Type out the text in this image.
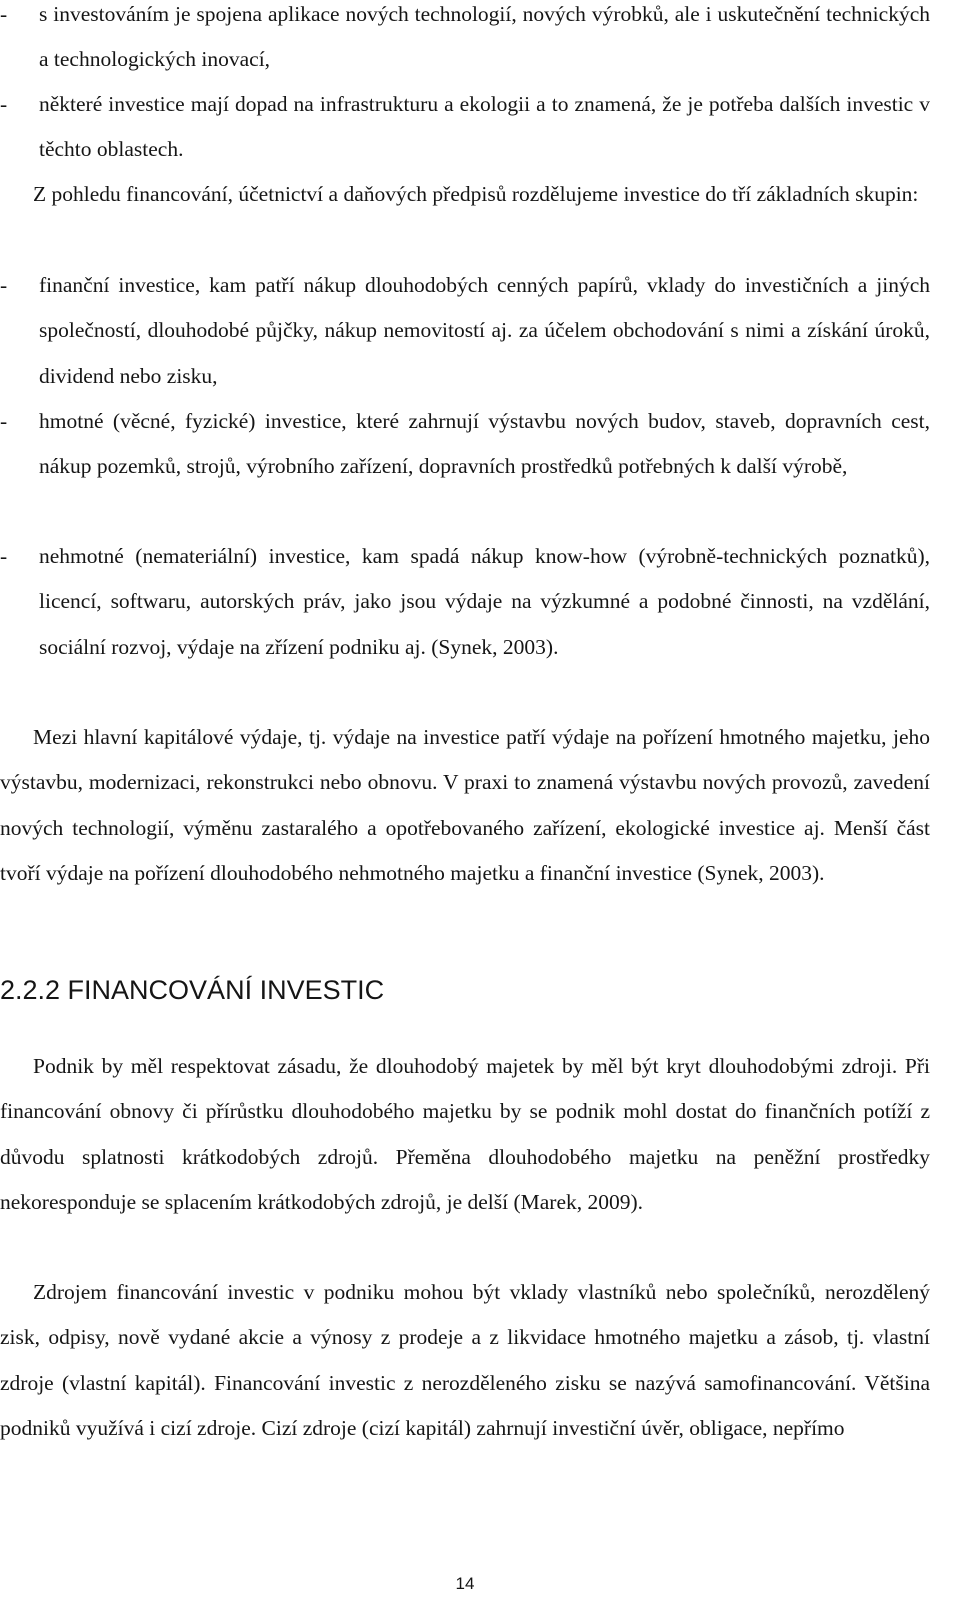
-	s investováním je spojena aplikace nových technologií, nových výrobků, ale i uskutečnění technických a technologických inovací,
-	některé investice mají dopad na infrastrukturu a ekologii a to znamená, že je potřeba dalších investic v těchto oblastech.

Z pohledu financování, účetnictví a daňových předpisů rozdělujeme investice do tří základních skupin:

-	finanční investice, kam patří nákup dlouhodobých cenných papírů, vklady do investičních a jiných společností, dlouhodobé půjčky, nákup nemovitostí aj. za účelem obchodování s nimi a získání úroků, dividend nebo zisku,
-	hmotné (věcné, fyzické) investice, které zahrnují výstavbu nových budov, staveb, dopravních cest, nákup pozemků, strojů, výrobního zařízení, dopravních prostředků potřebných k další výrobě,
-	nehmotné (nemateriální) investice, kam spadá nákup know-how (výrobně-technických poznatků), licencí, softwaru, autorských práv, jako jsou výdaje na výzkumné a podobné činnosti, na vzdělání, sociální rozvoj, výdaje na zřízení podniku aj. (Synek, 2003).

Mezi hlavní kapitálové výdaje, tj. výdaje na investice patří výdaje na pořízení hmotného majetku, jeho výstavbu, modernizaci, rekonstrukci nebo obnovu. V praxi to znamená výstavbu nových provozů, zavedení nových technologií, výměnu zastaralého a opotřebovaného zařízení, ekologické investice aj. Menší část tvoří výdaje na pořízení dlouhodobého nehmotného majetku a finanční investice (Synek, 2003).

2.2.2 FINANCOVÁNÍ INVESTIC

Podnik by měl respektovat zásadu, že dlouhodobý majetek by měl být kryt dlouhodobými zdroji. Při financování obnovy či přírůstku dlouhodobého majetku by se podnik mohl dostat do finančních potíží z důvodu splatnosti krátkodobých zdrojů. Přeměna dlouhodobého majetku na peněžní prostředky nekoresponduje se splacením krátkodobých zdrojů, je delší (Marek, 2009).

Zdrojem financování investic v podniku mohou být vklady vlastníků nebo společníků, nerozdělený zisk, odpisy, nově vydané akcie a výnosy z prodeje a z likvidace hmotného majetku a zásob, tj. vlastní zdroje (vlastní kapitál). Financování investic z nerozděleného zisku se nazývá samofinancování. Většina podniků využívá i cizí zdroje. Cizí zdroje (cizí kapitál) zahrnují investiční úvěr, obligace, nepřímo

14
